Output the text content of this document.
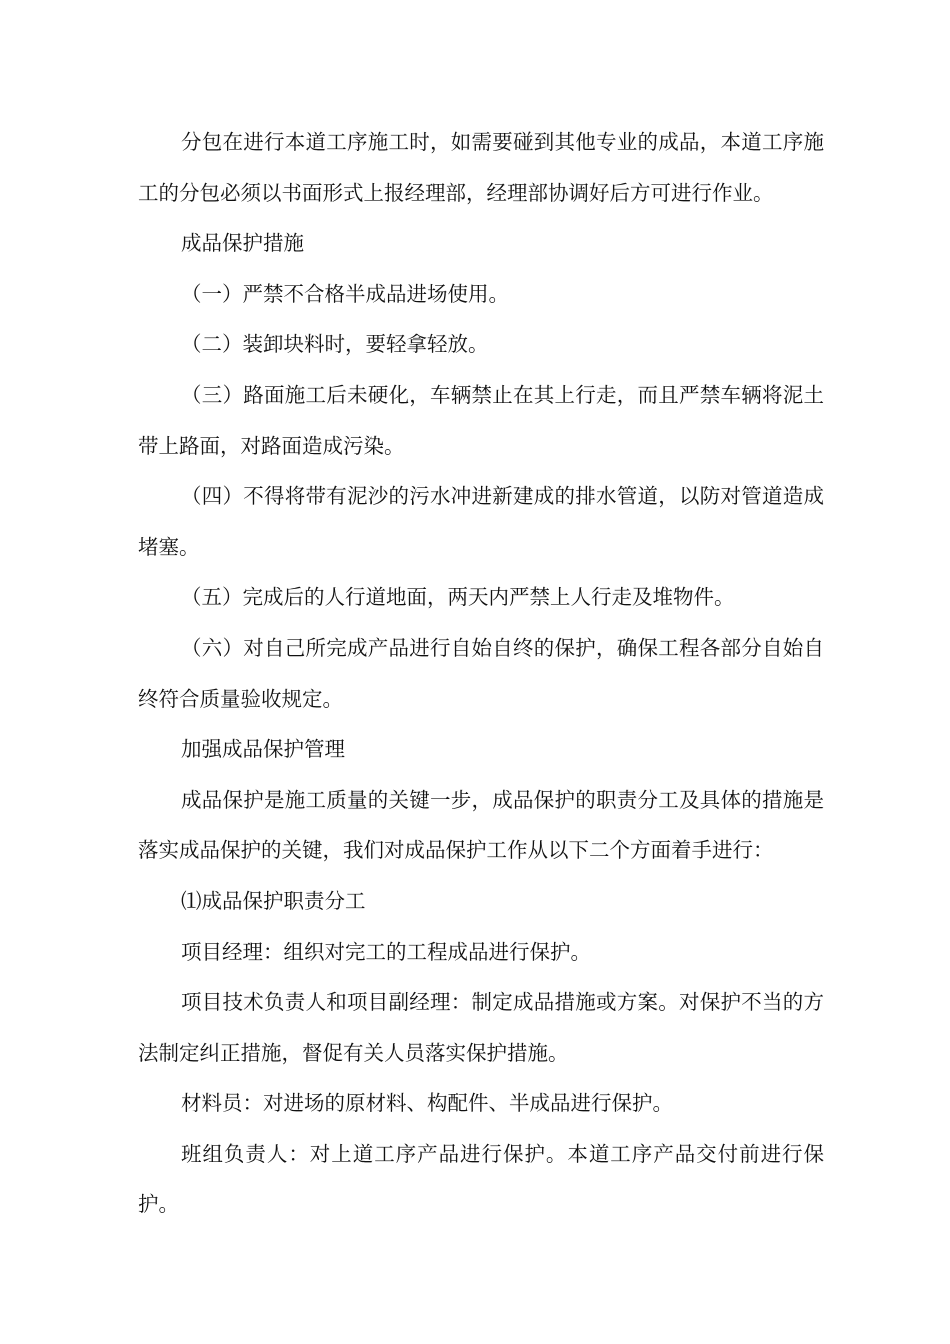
分包在进行本道工序施工时，如需要碰到其他专业的成品，本道工序施工的分包必须以书面形式上报经理部，经理部协调好后方可进行作业。

成品保护措施

（一）严禁不合格半成品进场使用。

（二）装卸块料时，要轻拿轻放。

（三）路面施工后未硬化，车辆禁止在其上行走，而且严禁车辆将泥土带上路面，对路面造成污染。

（四）不得将带有泥沙的污水冲进新建成的排水管道，以防对管道造成堵塞。

（五）完成后的人行道地面，两天内严禁上人行走及堆物件。

（六）对自己所完成产品进行自始自终的保护，确保工程各部分自始自终符合质量验收规定。

加强成品保护管理

成品保护是施工质量的关键一步，成品保护的职责分工及具体的措施是落实成品保护的关键，我们对成品保护工作从以下二个方面着手进行：

⑴成品保护职责分工

项目经理：组织对完工的工程成品进行保护。

项目技术负责人和项目副经理：制定成品措施或方案。对保护不当的方法制定纠正措施，督促有关人员落实保护措施。

材料员：对进场的原材料、构配件、半成品进行保护。

班组负责人：对上道工序产品进行保护。本道工序产品交付前进行保护。
